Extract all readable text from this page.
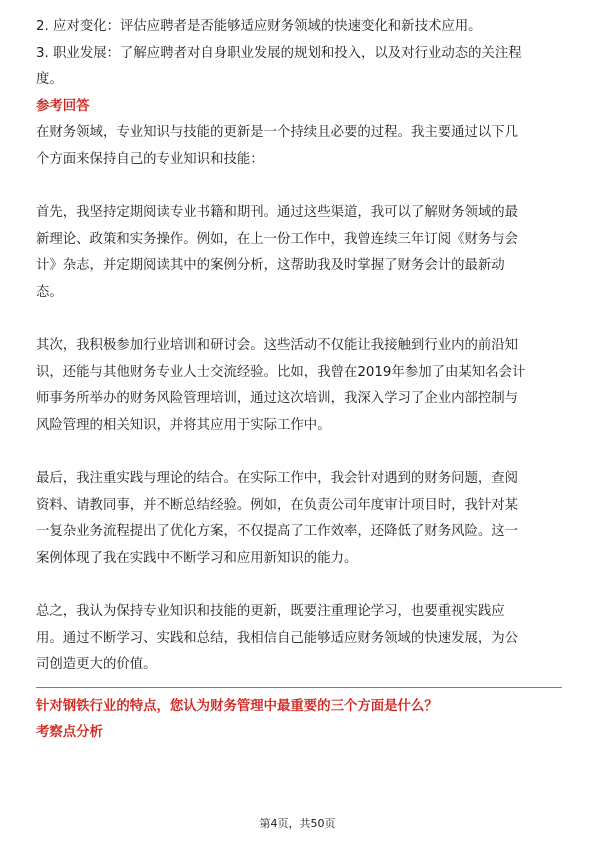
2. 应对变化：评估应聘者是否能够适应财务领域的快速变化和新技术应用。

3. 职业发展：了解应聘者对自身职业发展的规划和投入，以及对行业动态的关注程

度。

参考回答

在财务领域，专业知识与技能的更新是一个持续且必要的过程。我主要通过以下几

个方面来保持自己的专业知识和技能：

首先，我坚持定期阅读专业书籍和期刊。通过这些渠道，我可以了解财务领域的最

新理论、政策和实务操作。例如，在上一份工作中，我曾连续三年订阅《财务与会

计》杂志，并定期阅读其中的案例分析，这帮助我及时掌握了财务会计的最新动

态。

其次，我积极参加行业培训和研讨会。这些活动不仅能让我接触到行业内的前沿知

识，还能与其他财务专业人士交流经验。比如，我曾在2019年参加了由某知名会计

师事务所举办的财务风险管理培训，通过这次培训，我深入学习了企业内部控制与

风险管理的相关知识，并将其应用于实际工作中。

最后，我注重实践与理论的结合。在实际工作中，我会针对遇到的财务问题，查阅

资料、请教同事，并不断总结经验。例如，在负责公司年度审计项目时，我针对某

一复杂业务流程提出了优化方案，不仅提高了工作效率，还降低了财务风险。这一

案例体现了我在实践中不断学习和应用新知识的能力。

总之，我认为保持专业知识和技能的更新，既要注重理论学习，也要重视实践应

用。通过不断学习、实践和总结，我相信自己能够适应财务领域的快速发展，为公

司创造更大的价值。

针对钢铁行业的特点，您认为财务管理中最重要的三个方面是什么？

考察点分析

第4页，共50页
